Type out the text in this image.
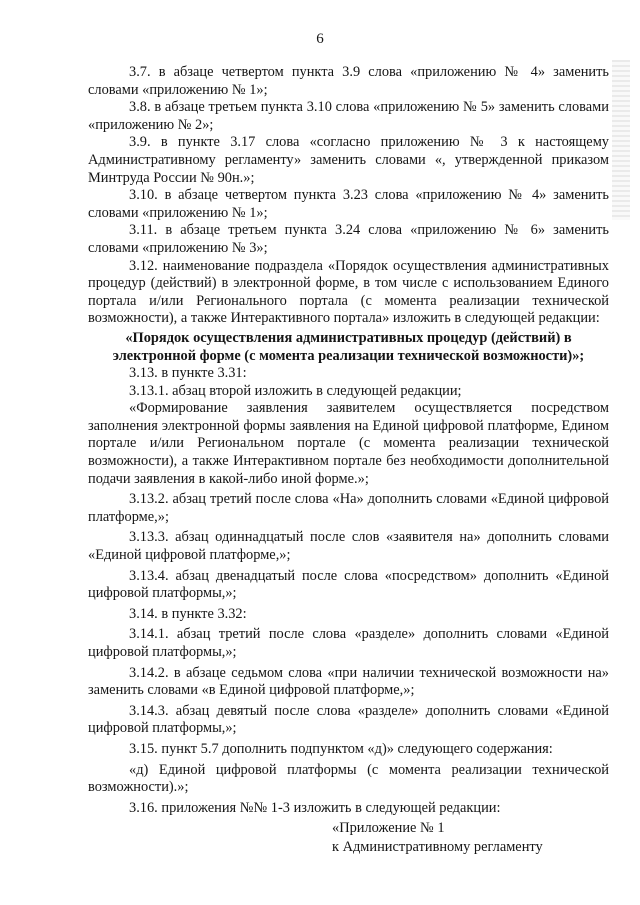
6

3.7. в абзаце четвертом пункта 3.9 слова «приложению № 4» заменить словами «приложению № 1»;

3.8. в абзаце третьем пункта 3.10 слова «приложению № 5» заменить словами «приложению № 2»;

3.9. в пункте 3.17 слова «согласно приложению № 3 к настоящему Административному регламенту» заменить словами «, утвержденной приказом Минтруда России № 90н.»;

3.10. в абзаце четвертом пункта 3.23 слова «приложению № 4» заменить словами «приложению № 1»;

3.11. в абзаце третьем пункта 3.24 слова «приложению № 6» заменить словами «приложению № 3»;

3.12. наименование подраздела «Порядок осуществления административных процедур (действий) в электронной форме, в том числе с использованием Единого портала и/или Регионального портала (с момента реализации технической возможности), а также Интерактивного портала» изложить в следующей редакции:

«Порядок осуществления административных процедур (действий) в электронной форме (с момента реализации технической возможности)»;

3.13. в пункте 3.31:

3.13.1. абзац второй изложить в следующей редакции;

«Формирование заявления заявителем осуществляется посредством заполнения электронной формы заявления на Единой цифровой платформе, Едином портале и/или Региональном портале (с момента реализации технической возможности), а также Интерактивном портале без необходимости дополнительной подачи заявления в какой-либо иной форме.»;

3.13.2. абзац третий после слова «На» дополнить словами «Единой цифровой платформе,»;

3.13.3. абзац одиннадцатый после слов «заявителя на» дополнить словами «Единой цифровой платформе,»;

3.13.4. абзац двенадцатый после слова «посредством» дополнить «Единой цифровой платформы,»;

3.14. в пункте 3.32:

3.14.1. абзац третий после слова «разделе» дополнить словами «Единой цифровой платформы,»;

3.14.2. в абзаце седьмом слова «при наличии технической возможности на» заменить словами «в Единой цифровой платформе,»;

3.14.3. абзац девятый после слова «разделе» дополнить словами «Единой цифровой платформы,»;

3.15. пункт 5.7 дополнить подпунктом «д)» следующего содержания:

«д) Единой цифровой платформы (с момента реализации технической возможности).»;

3.16. приложения №№ 1-3 изложить в следующей редакции:

«Приложение № 1

к Административному регламенту
